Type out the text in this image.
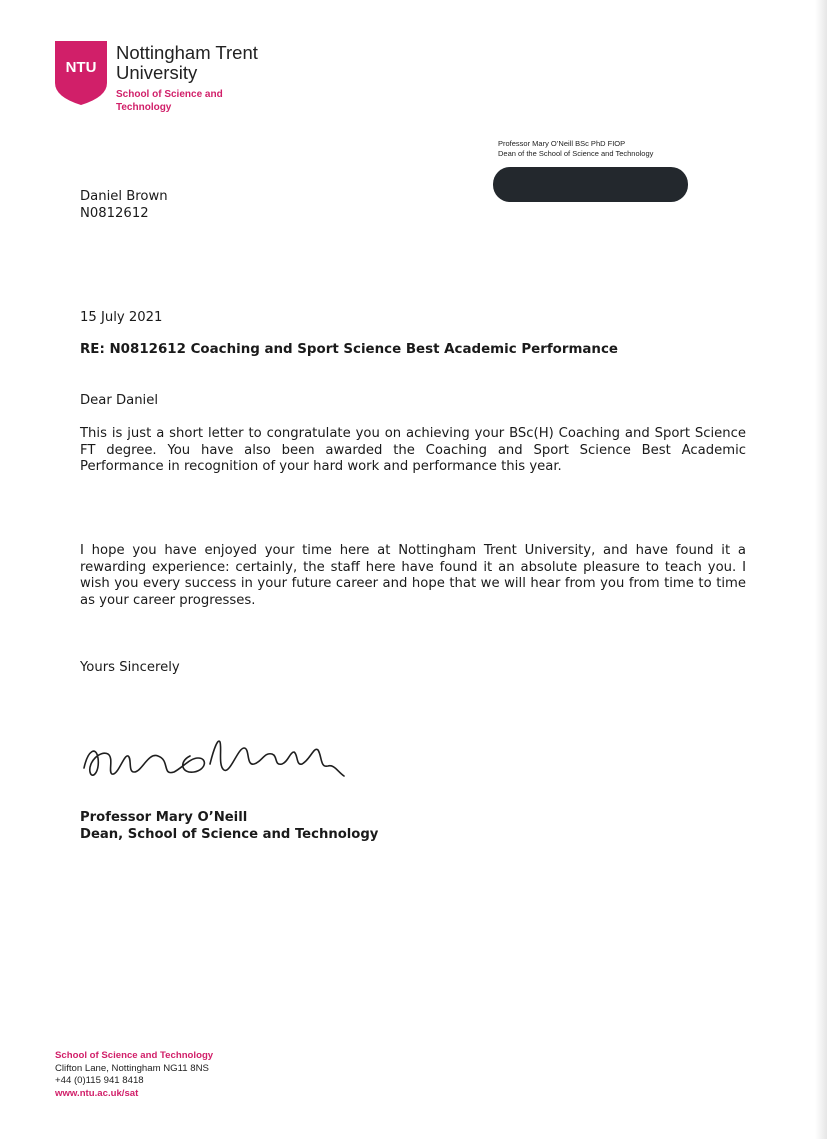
NTU
Nottingham Trent
University
School of Science and
Technology
Professor Mary O’Neill BSc PhD FIOP
Dean of the School of Science and Technology
Daniel Brown
N0812612
15 July 2021
RE: N0812612 Coaching and Sport Science Best Academic Performance
Dear Daniel
This is just a short letter to congratulate you on achieving your BSc(H) Coaching and Sport Science FT degree. You have also been awarded the Coaching and Sport Science Best Academic Performance in recognition of your hard work and performance this year.
I hope you have enjoyed your time here at Nottingham Trent University, and have found it a rewarding experience: certainly, the staff here have found it an absolute pleasure to teach you. I wish you every success in your future career and hope that we will hear from you from time to time as your career progresses.
Yours Sincerely
Professor Mary O’Neill
Dean, School of Science and Technology
School of Science and Technology
Clifton Lane, Nottingham NG11 8NS
+44 (0)115 941 8418
www.ntu.ac.uk/sat
